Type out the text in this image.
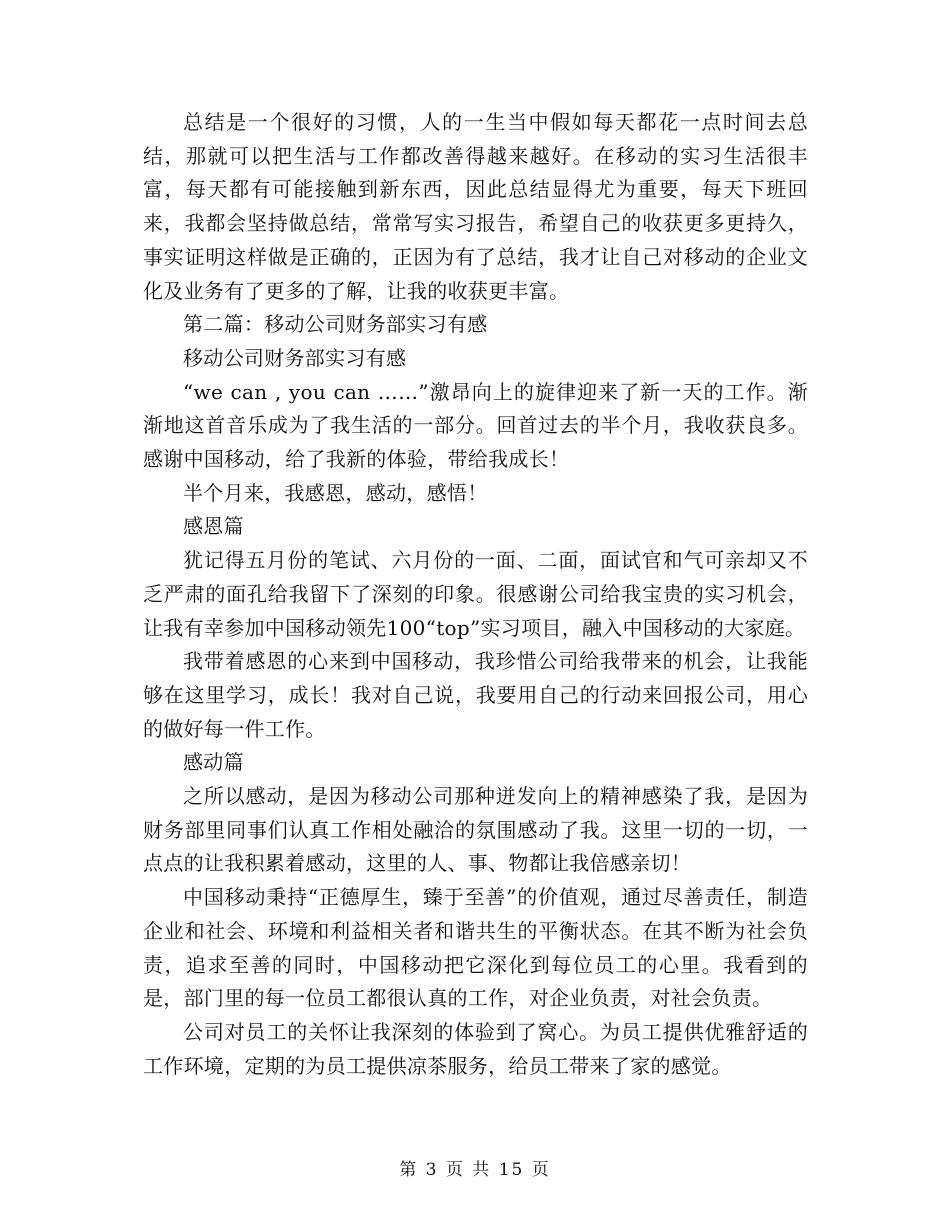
总结是一个很好的习惯，人的一生当中假如每天都花一点时间去总结，那就可以把生活与工作都改善得越来越好。在移动的实习生活很丰富，每天都有可能接触到新东西，因此总结显得尤为重要，每天下班回来，我都会坚持做总结，常常写实习报告，希望自己的收获更多更持久，事实证明这样做是正确的，正因为有了总结，我才让自己对移动的企业文化及业务有了更多的了解，让我的收获更丰富。

第二篇：移动公司财务部实习有感

移动公司财务部实习有感

“we can , you can ……”激昂向上的旋律迎来了新一天的工作。渐渐地这首音乐成为了我生活的一部分。回首过去的半个月，我收获良多。感谢中国移动，给了我新的体验，带给我成长！

半个月来，我感恩，感动，感悟！

感恩篇

犹记得五月份的笔试、六月份的一面、二面，面试官和气可亲却又不乏严肃的面孔给我留下了深刻的印象。很感谢公司给我宝贵的实习机会，让我有幸参加中国移动领先100“top”实习项目，融入中国移动的大家庭。

我带着感恩的心来到中国移动，我珍惜公司给我带来的机会，让我能够在这里学习，成长！我对自己说，我要用自己的行动来回报公司，用心的做好每一件工作。

感动篇

之所以感动，是因为移动公司那种迸发向上的精神感染了我，是因为财务部里同事们认真工作相处融洽的氛围感动了我。这里一切的一切，一点点的让我积累着感动，这里的人、事、物都让我倍感亲切！

中国移动秉持“正德厚生，臻于至善”的价值观，通过尽善责任，制造企业和社会、环境和利益相关者和谐共生的平衡状态。在其不断为社会负责，追求至善的同时，中国移动把它深化到每位员工的心里。我看到的是，部门里的每一位员工都很认真的工作，对企业负责，对社会负责。

公司对员工的关怀让我深刻的体验到了窝心。为员工提供优雅舒适的工作环境，定期的为员工提供凉茶服务，给员工带来了家的感觉。

第 3 页 共 15 页
